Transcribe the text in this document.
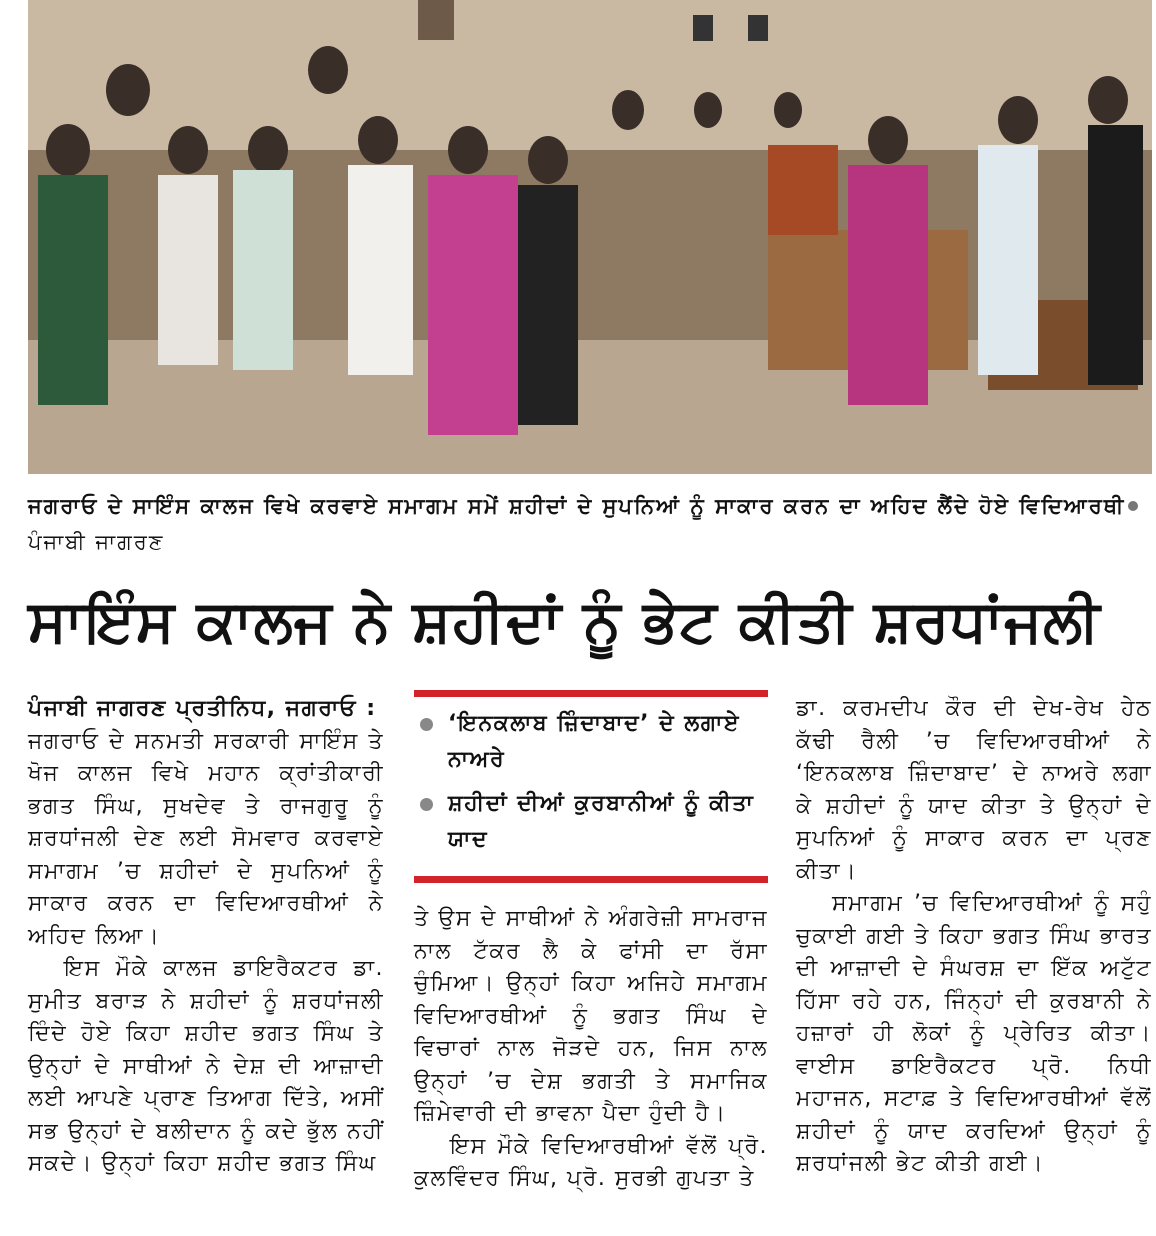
ਜਗਰਾਓ ਦੇ ਸਾਇੰਸ ਕਾਲਜ ਵਿਖੇ ਕਰਵਾਏ ਸਮਾਗਮ ਸਮੇਂ ਸ਼ਹੀਦਾਂ ਦੇ ਸੁਪਨਿਆਂ ਨੂੰ ਸਾਕਾਰ ਕਰਨ ਦਾ ਅਹਿਦ ਲੈਂਦੇ ਹੋਏ ਵਿਦਿਆਰਥੀਪੰਜਾਬੀ ਜਾਗਰਣ
ਸਾਇੰਸ ਕਾਲਜ ਨੇ ਸ਼ਹੀਦਾਂ ਨੂੰ ਭੇਟ ਕੀਤੀ ਸ਼ਰਧਾਂਜਲੀ

ਪੰਜਾਬੀ ਜਾਗਰਣ ਪ੍ਰਤੀਨਿਧ, ਜਗਰਾਓ :

ਜਗਰਾਓ ਦੇ ਸਨਮਤੀ ਸਰਕਾਰੀ ਸਾਇੰਸ ਤੇ ਖੋਜ ਕਾਲਜ ਵਿਖੇ ਮਹਾਨ ਕ੍ਰਾਂਤੀਕਾਰੀ ਭਗਤ ਸਿੰਘ, ਸੁਖਦੇਵ ਤੇ ਰਾਜਗੁਰੂ ਨੂੰ ਸ਼ਰਧਾਂਜਲੀ ਦੇਣ ਲਈ ਸੋਮਵਾਰ ਕਰਵਾਏ ਸਮਾਗਮ ’ਚ ਸ਼ਹੀਦਾਂ ਦੇ ਸੁਪਨਿਆਂ ਨੂੰ ਸਾਕਾਰ ਕਰਨ ਦਾ ਵਿਦਿਆਰਥੀਆਂ ਨੇ ਅਹਿਦ ਲਿਆ।

ਇਸ ਮੌਕੇ ਕਾਲਜ ਡਾਇਰੈਕਟਰ ਡਾ. ਸੁਮੀਤ ਬਰਾੜ ਨੇ ਸ਼ਹੀਦਾਂ ਨੂੰ ਸ਼ਰਧਾਂਜਲੀ ਦਿੰਦੇ ਹੋਏ ਕਿਹਾ ਸ਼ਹੀਦ ਭਗਤ ਸਿੰਘ ਤੇ ਉਨ੍ਹਾਂ ਦੇ ਸਾਥੀਆਂ ਨੇ ਦੇਸ਼ ਦੀ ਆਜ਼ਾਦੀ ਲਈ ਆਪਣੇ ਪ੍ਰਾਣ ਤਿਆਗ ਦਿੱਤੇ, ਅਸੀਂ ਸਭ ਉਨ੍ਹਾਂ ਦੇ ਬਲੀਦਾਨ ਨੂੰ ਕਦੇ ਭੁੱਲ ਨਹੀਂ ਸਕਦੇ। ਉਨ੍ਹਾਂ ਕਿਹਾ ਸ਼ਹੀਦ ਭਗਤ ਸਿੰਘ

‘ਇਨਕਲਾਬ ਜ਼ਿੰਦਾਬਾਦ’ ਦੇ ਲਗਾਏ ਨਾਅਰੇ
ਸ਼ਹੀਦਾਂ ਦੀਆਂ ਕੁਰਬਾਨੀਆਂ ਨੂੰ ਕੀਤਾ ਯਾਦ

ਤੇ ਉਸ ਦੇ ਸਾਥੀਆਂ ਨੇ ਅੰਗਰੇਜ਼ੀ ਸਾਮਰਾਜ ਨਾਲ ਟੱਕਰ ਲੈ ਕੇ ਫਾਂਸੀ ਦਾ ਰੱਸਾ ਚੁੰਮਿਆ। ਉਨ੍ਹਾਂ ਕਿਹਾ ਅਜਿਹੇ ਸਮਾਗਮ ਵਿਦਿਆਰਥੀਆਂ ਨੂੰ ਭਗਤ ਸਿੰਘ ਦੇ ਵਿਚਾਰਾਂ ਨਾਲ ਜੋੜਦੇ ਹਨ, ਜਿਸ ਨਾਲ ਉਨ੍ਹਾਂ ’ਚ ਦੇਸ਼ ਭਗਤੀ ਤੇ ਸਮਾਜਿਕ ਜ਼ਿੰਮੇਵਾਰੀ ਦੀ ਭਾਵਨਾ ਪੈਦਾ ਹੁੰਦੀ ਹੈ।

ਇਸ ਮੌਕੇ ਵਿਦਿਆਰਥੀਆਂ ਵੱਲੋਂ ਪ੍ਰੋ. ਕੁਲਵਿੰਦਰ ਸਿੰਘ, ਪ੍ਰੋ. ਸੁਰਭੀ ਗੁਪਤਾ ਤੇ

ਡਾ. ਕਰਮਦੀਪ ਕੌਰ ਦੀ ਦੇਖ-ਰੇਖ ਹੇਠ ਕੱਢੀ ਰੈਲੀ ’ਚ ਵਿਦਿਆਰਥੀਆਂ ਨੇ ‘ਇਨਕਲਾਬ ਜ਼ਿੰਦਾਬਾਦ’ ਦੇ ਨਾਅਰੇ ਲਗਾ ਕੇ ਸ਼ਹੀਦਾਂ ਨੂੰ ਯਾਦ ਕੀਤਾ ਤੇ ਉਨ੍ਹਾਂ ਦੇ ਸੁਪਨਿਆਂ ਨੂੰ ਸਾਕਾਰ ਕਰਨ ਦਾ ਪ੍ਰਣ ਕੀਤਾ।

ਸਮਾਗਮ ’ਚ ਵਿਦਿਆਰਥੀਆਂ ਨੂੰ ਸਹੁੰ ਚੁਕਾਈ ਗਈ ਤੇ ਕਿਹਾ ਭਗਤ ਸਿੰਘ ਭਾਰਤ ਦੀ ਆਜ਼ਾਦੀ ਦੇ ਸੰਘਰਸ਼ ਦਾ ਇੱਕ ਅਟੁੱਟ ਹਿੱਸਾ ਰਹੇ ਹਨ, ਜਿੰਨ੍ਹਾਂ ਦੀ ਕੁਰਬਾਨੀ ਨੇ ਹਜ਼ਾਰਾਂ ਹੀ ਲੋਕਾਂ ਨੂੰ ਪ੍ਰੇਰਿਤ ਕੀਤਾ। ਵਾਈਸ ਡਾਇਰੈਕਟਰ ਪ੍ਰੋ. ਨਿਧੀ ਮਹਾਜਨ, ਸਟਾਫ਼ ਤੇ ਵਿਦਿਆਰਥੀਆਂ ਵੱਲੋਂ ਸ਼ਹੀਦਾਂ ਨੂੰ ਯਾਦ ਕਰਦਿਆਂ ਉਨ੍ਹਾਂ ਨੂੰ ਸ਼ਰਧਾਂਜਲੀ ਭੇਟ ਕੀਤੀ ਗਈ।
